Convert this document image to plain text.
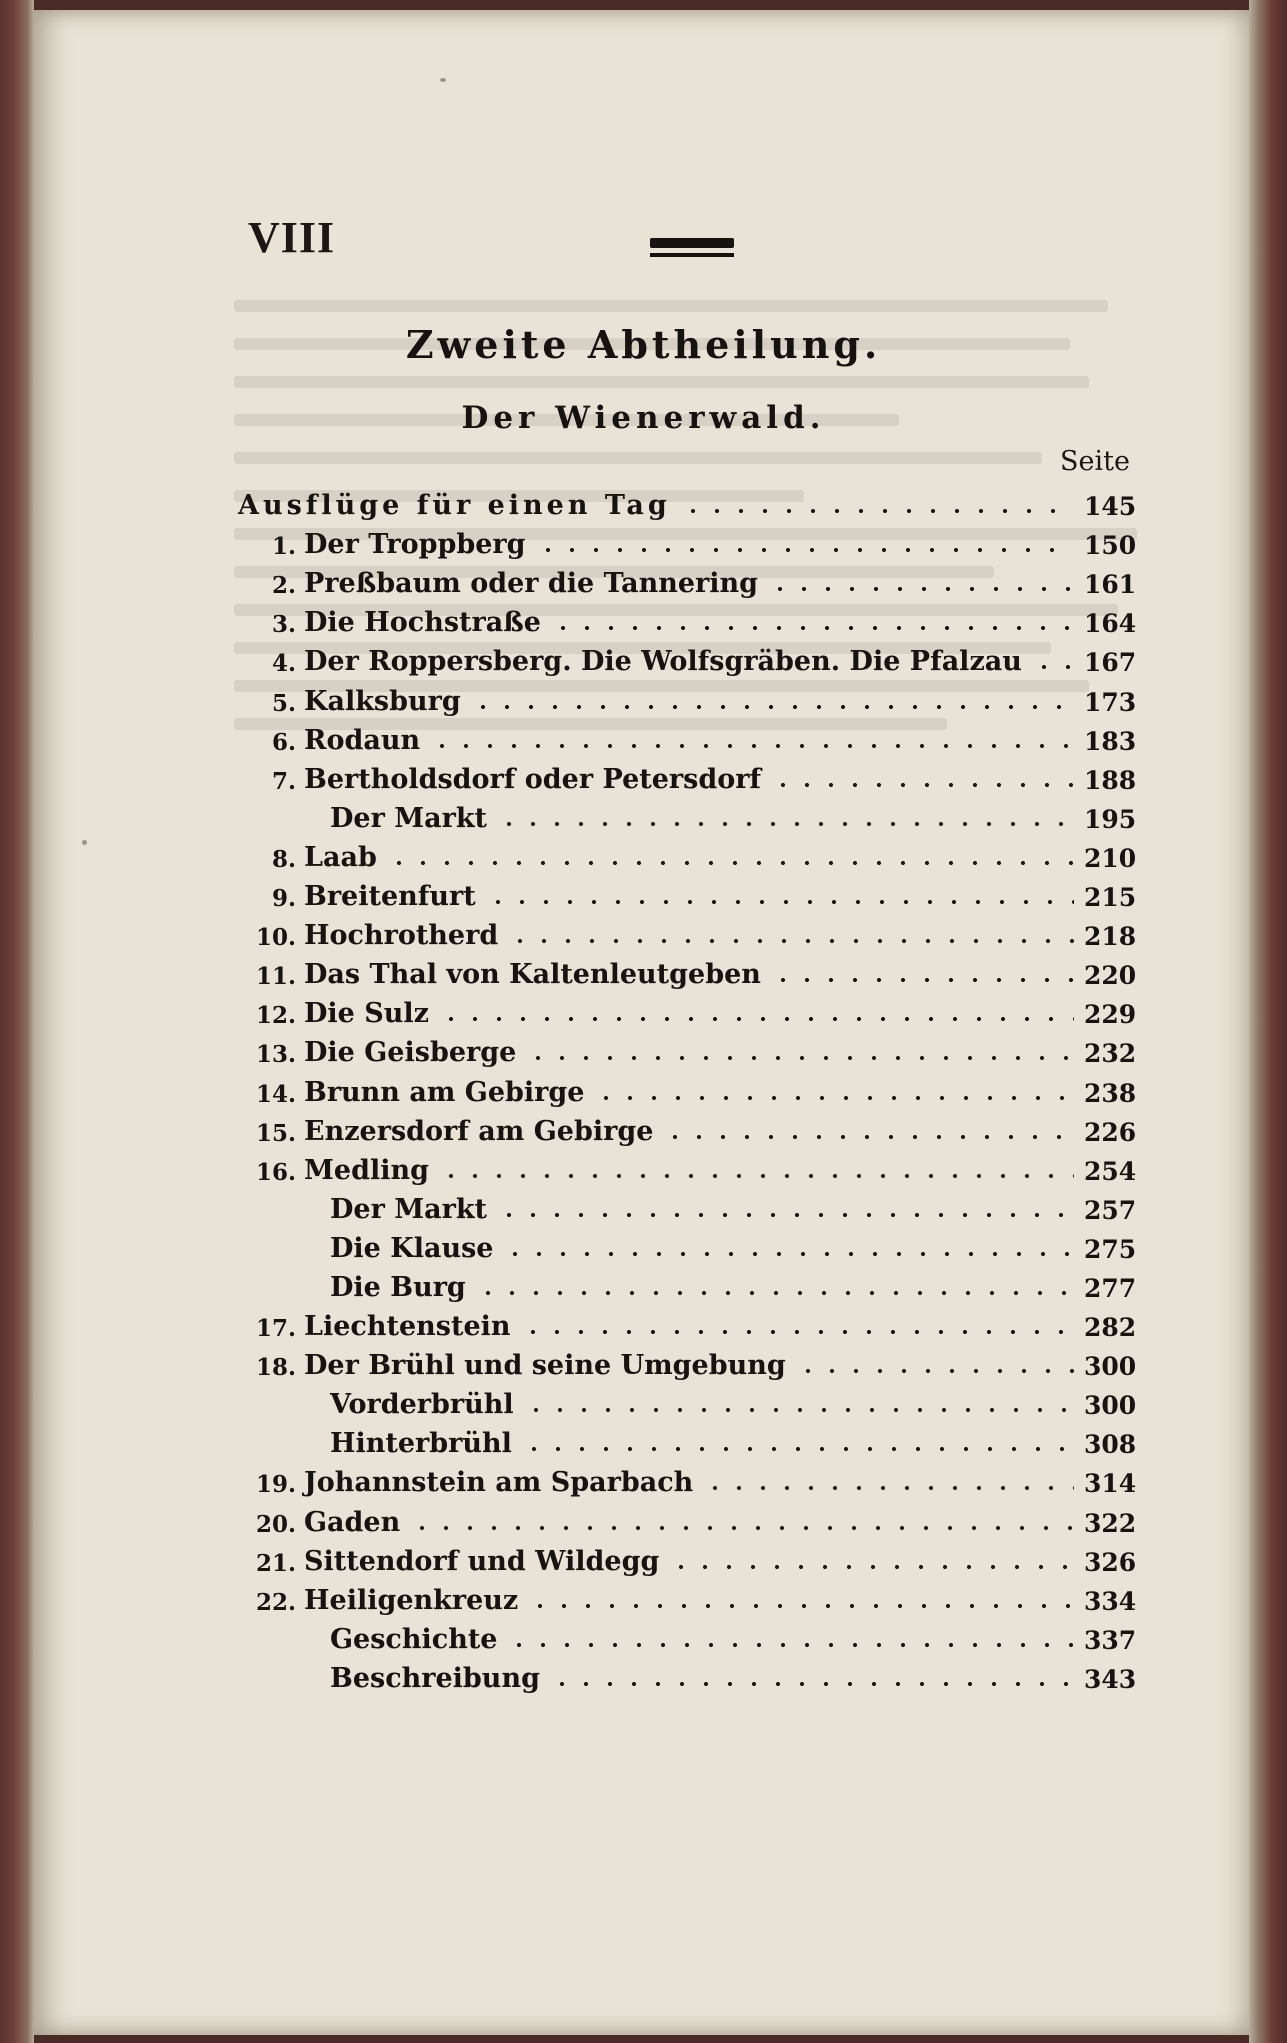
VIII
Zweite Abtheilung.
Der Wienerwald.
Seite
Ausflüge für einen Tag	145
1. Der Troppberg	150
2. Preßbaum oder die Tannering	161
3. Die Hochstraße	164
4. Der Roppersberg. Die Wolfsgräben. Die Pfalzau 167
5. Kalksburg	173
6. Rodaun	183
7. Bertholdsdorf oder Petersdorf	188
Der Markt	195
8. Laab	210
9. Breitenfurt	215
10. Hochrotherd	218
11. Das Thal von Kaltenleutgeben	220
12. Die Sulz	229
13. Die Geisberge	232
14. Brunn am Gebirge	238
15. Enzersdorf am Gebirge	226
16. Medling	254
Der Markt	257
Die Klause	275
Die Burg	277
17. Liechtenstein	282
18. Der Brühl und seine Umgebung	300
Vorderbrühl	300
Hinterbrühl	308
19. Johannstein am Sparbach	314
20. Gaden	322
21. Sittendorf und Wildegg	326
22. Heiligenkreuz	334
Geschichte	337
Beschreibung	343
